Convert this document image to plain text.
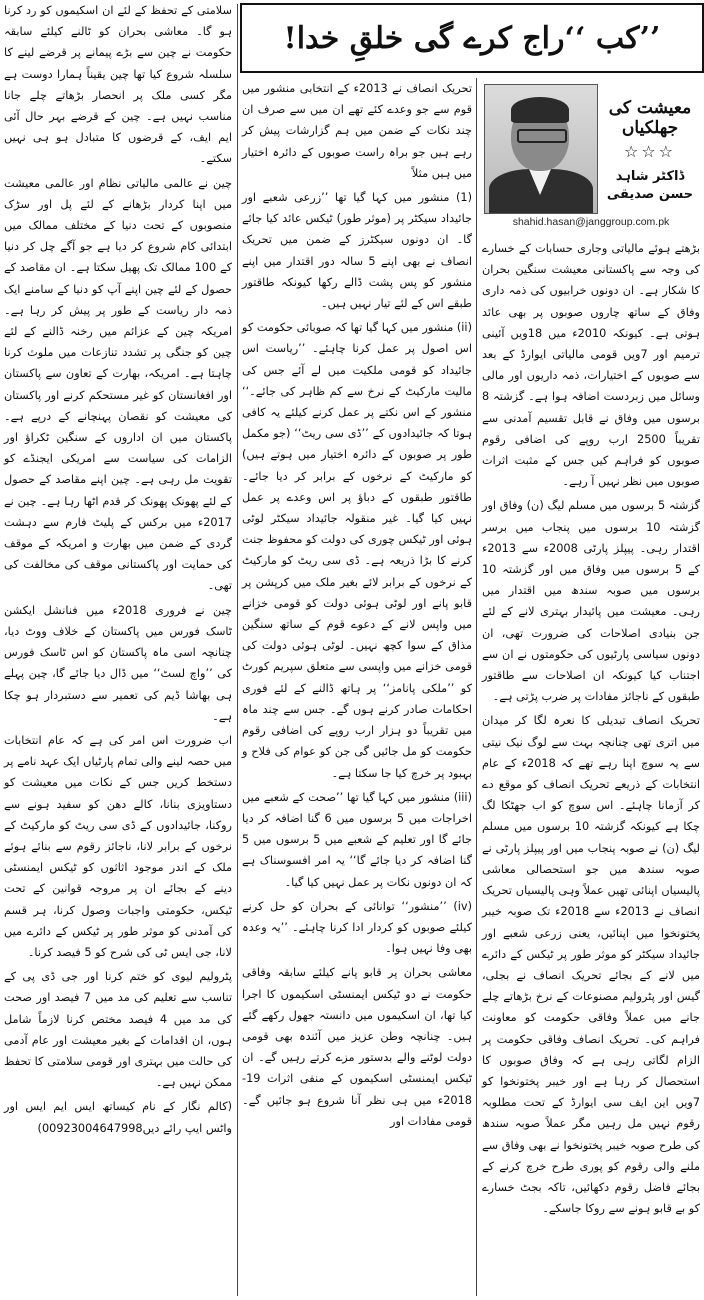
سلامتی کے تحفظ کے لئے ان اسکیموں کو رد کرنا ہو گا۔ معاشی بحران کو ٹالنے کیلئے سابقہ حکومت نے چین سے بڑے پیمانے پر قرضے لینے کا سلسلہ شروع کیا تھا چین یقیناً ہمارا دوست ہے مگر کسی ملک پر انحصار بڑھاتے چلے جانا مناسب نہیں ہے۔ چین کے قرضے بہر حال آئی ایم ایف، کے قرضوں کا متبادل ہو ہی نہیں سکتے۔

چین نے عالمی مالیاتی نظام اور عالمی معیشت میں اپنا کردار بڑھانے کے لئے پل اور سڑک منصوبوں کے تحت دنیا کے مختلف ممالک میں ابتدائی کام شروع کر دیا ہے جو آگے چل کر دنیا کے 100 ممالک تک پھیل سکتا ہے۔ ان مقاصد کے حصول کے لئے چین اپنے آپ کو دنیا کے سامنے ایک ذمہ دار ریاست کے طور پر پیش کر رہا ہے۔ امریکہ چین کے عزائم میں رخنہ ڈالنے کے لئے چین کو جنگی پر تشدد تنازعات میں ملوث کرنا چاہتا ہے۔ امریکہ، بھارت کے تعاون سے پاکستان اور افغانستان کو غیر مستحکم کرنے اور پاکستان کی معیشت کو نقصان پہنچانے کے درپے ہے۔ پاکستان میں ان اداروں کے سنگین ٹکراؤ اور الزامات کی سیاست سے امریکی ایجنڈے کو تقویت مل رہی ہے۔ چین اپنے مقاصد کے حصول کے لئے پھونک پھونک کر قدم اٹھا رہا ہے۔ چین نے 2017ء میں برکس کے پلیٹ فارم سے دہشت گردی کے ضمن میں بھارت و امریکہ کے موقف کی حمایت اور پاکستانی موقف کی مخالفت کی تھی۔

چین نے فروری 2018ء میں فنانشل ایکشن ٹاسک فورس میں پاکستان کے خلاف ووٹ دیا، چنانچہ اسی ماہ پاکستان کو اس ٹاسک فورس کی ’’واچ لسٹ‘‘ میں ڈال دیا جائے گا، چین پہلے ہی بھاشا ڈیم کی تعمیر سے دستبردار ہو چکا ہے۔

اب ضرورت اس امر کی ہے کہ عام انتخابات میں حصہ لینے والی تمام پارٹیاں ایک عہد نامے پر دستخط کریں جس کے نکات میں معیشت کو دستاویزی بنانا، کالے دھن کو سفید ہونے سے روکنا، جائیدادوں کے ڈی سی ریٹ کو مارکیٹ کے نرخوں کے برابر لانا، ناجائز رقوم سے بنائے ہوئے ملک کے اندر موجود اثاثوں کو ٹیکس ایمنسٹی دینے کے بجائے ان پر مروجہ قوانین کے تحت ٹیکس، حکومتی واجبات وصول کرنا، ہر قسم کی آمدنی کو موثر طور پر ٹیکس کے دائرے میں لانا، جی ایس ٹی کی شرح کو 5 فیصد کرنا۔

پٹرولیم لیوی کو ختم کرنا اور جی ڈی پی کے تناسب سے تعلیم کی مد میں 7 فیصد اور صحت کی مد میں 4 فیصد مختص کرنا لازماً شامل ہوں، ان اقدامات کے بغیر معیشت اور عام آدمی کی حالت میں بہتری اور قومی سلامتی کا تحفظ ممکن نہیں ہے۔

(کالم نگار کے نام کیساتھ ایس ایم ایس اور واٹس ایپ رائے دیں00923004647998)

’’کب ‘‘راج کرے گی خلقِ خدا!

تحریک انصاف نے 2013ء کے انتخابی منشور میں قوم سے جو وعدے کئے تھے ان میں سے صرف ان چند نکات کے ضمن میں ہم گزارشات پیش کر رہے ہیں جو براہ راست صوبوں کے دائرہ اختیار میں ہیں مثلاً

(1) منشور میں کہا گیا تھا ’’زرعی شعبے اور جائیداد سیکٹر پر (موثر طور) ٹیکس عائد کیا جائے گا۔ ان دونوں سیکٹرز کے ضمن میں تحریک انصاف نے بھی اپنے 5 سالہ دور اقتدار میں اپنے منشور کو پس پشت ڈالے رکھا کیونکہ طاقتور طبقے اس کے لئے تیار نہیں ہیں۔

(ii) منشور میں کہا گیا تھا کہ صوبائی حکومت کو اس اصول پر عمل کرنا چاہئے۔ ’’ریاست اس جائیداد کو قومی ملکیت میں لے آئے جس کی مالیت مارکیٹ کے نرخ سے کم ظاہر کی جائے۔‘‘ منشور کے اس نکتے پر عمل کرنے کیلئے یہ کافی ہوتا کہ جائیدادوں کے ’’ڈی سی ریٹ‘‘ (جو مکمل طور پر صوبوں کے دائرہ اختیار میں ہوتے ہیں) کو مارکیٹ کے نرخوں کے برابر کر دیا جائے۔ طاقتور طبقوں کے دباؤ پر اس وعدے پر عمل نہیں کیا گیا۔ غیر منقولہ جائیداد سیکٹر لوٹی ہوئی اور ٹیکس چوری کی دولت کو محفوظ جنت کرنے کا بڑا ذریعہ ہے۔ ڈی سی ریٹ کو مارکیٹ کے نرخوں کے برابر لائے بغیر ملک میں کرپشن پر قابو پانے اور لوٹی ہوئی دولت کو قومی خزانے میں واپس لانے کے دعوے قوم کے ساتھ سنگین مذاق کے سوا کچھ نہیں۔ لوٹی ہوئی دولت کی قومی خزانے میں واپسی سے متعلق سپریم کورٹ کو ’’ملکی پانامز‘‘ پر ہاتھ ڈالنے کے لئے فوری احکامات صادر کرنے ہوں گے۔ جس سے چند ماہ میں تقریباً دو ہزار ارب روپے کی اضافی رقوم حکومت کو مل جائیں گی جن کو عوام کی فلاح و بہبود پر خرچ کیا جا سکتا ہے۔

(iii) منشور میں کہا گیا تھا ’’صحت کے شعبے میں اخراجات میں 5 برسوں میں 6 گنا اضافہ کر دیا جائے گا اور تعلیم کے شعبے میں 5 برسوں میں 5 گنا اضافہ کر دیا جائے گا‘‘ یہ امر افسوسناک ہے کہ ان دونوں نکات پر عمل نہیں کیا گیا۔

(iv) ’’منشور‘‘ توانائی کے بحران کو حل کرنے کیلئے صوبوں کو کردار ادا کرنا چاہئے۔ ’’یہ وعدہ بھی وفا نہیں ہوا۔

معاشی بحران پر قابو پانے کیلئے سابقہ وفاقی حکومت نے دو ٹیکس ایمنسٹی اسکیموں کا اجرا کیا تھا، ان اسکیموں میں دانستہ جھول رکھے گئے ہیں۔ چنانچہ وطن عزیز میں آئندہ بھی قومی دولت لوٹنے والے بدستور مزے کرتے رہیں گے۔ ان ٹیکس ایمنسٹی اسکیموں کے منفی اثرات 19-2018ء میں ہی نظر آنا شروع ہو جائیں گے۔ قومی مفادات اور

معیشت کی جھلکیاں
☆☆☆
ڈاکٹر شاہد حسن صدیقی
shahid.hasan@janggroup.com.pk

بڑھتے ہوئے مالیاتی وجاری حسابات کے خسارے کی وجہ سے پاکستانی معیشت سنگین بحران کا شکار ہے۔ ان دونوں خرابیوں کی ذمہ داری وفاق کے ساتھ چاروں صوبوں پر بھی عائد ہوتی ہے۔ کیونکہ 2010ء میں 18ویں آئینی ترمیم اور 7ویں قومی مالیاتی ایوارڈ کے بعد سے صوبوں کے اختیارات، ذمہ داریوں اور مالی وسائل میں زبردست اضافہ ہوا ہے۔ گزشتہ 8 برسوں میں وفاق نے قابل تقسیم آمدنی سے تقریباً 2500 ارب روپے کی اضافی رقوم صوبوں کو فراہم کیں جس کے مثبت اثرات صوبوں میں نظر نہیں آ رہے۔

گزشتہ 5 برسوں میں مسلم لیگ (ن) وفاق اور گزشتہ 10 برسوں میں پنجاب میں برسر اقتدار رہی۔ پیپلز پارٹی 2008ء سے 2013ء کے 5 برسوں میں وفاق میں اور گزشتہ 10 برسوں میں صوبہ سندھ میں اقتدار میں رہی۔ معیشت میں پائیدار بہتری لانے کے لئے جن بنیادی اصلاحات کی ضرورت تھی، ان دونوں سیاسی پارٹیوں کی حکومتوں نے ان سے اجتناب کیا کیونکہ ان اصلاحات سے طاقتور طبقوں کے ناجائز مفادات پر ضرب پڑتی ہے۔

تحریک انصاف تبدیلی کا نعرہ لگا کر میدان میں اتری تھی چنانچہ بہت سے لوگ نیک نیتی سے یہ سوچ اپنا رہے تھے کہ 2018ء کے عام انتخابات کے ذریعے تحریک انصاف کو موقع دے کر آزمانا چاہئے۔ اس سوچ کو اب جھٹکا لگ چکا ہے کیونکہ گزشتہ 10 برسوں میں مسلم لیگ (ن) نے صوبہ پنجاب میں اور پیپلز پارٹی نے صوبہ سندھ میں جو استحصالی معاشی پالیسیاں اپنائی تھیں عملاً وہی پالیسیاں تحریک انصاف نے 2013ء سے 2018ء تک صوبہ خیبر پختونخوا میں اپنائیں، یعنی زرعی شعبے اور جائیداد سیکٹر کو موثر طور پر ٹیکس کے دائرے میں لانے کے بجائے تحریک انصاف نے بجلی، گیس اور پٹرولیم مصنوعات کے نرخ بڑھاتے چلے جانے میں عملاً وفاقی حکومت کو معاونت فراہم کی۔ تحریک انصاف وفاقی حکومت پر الزام لگاتی رہی ہے کہ وفاق صوبوں کا استحصال کر رہا ہے اور خیبر پختونخوا کو 7ویں این ایف سی ایوارڈ کے تحت مطلوبہ رقوم نہیں مل رہیں مگر عملاً صوبہ سندھ کی طرح صوبہ خیبر پختونخوا نے بھی وفاق سے ملنے والی رقوم کو پوری طرح خرچ کرنے کے بجائے فاضل رقوم دکھائیں، تاکہ بجٹ خسارے کو بے قابو ہونے سے روکا جاسکے۔
